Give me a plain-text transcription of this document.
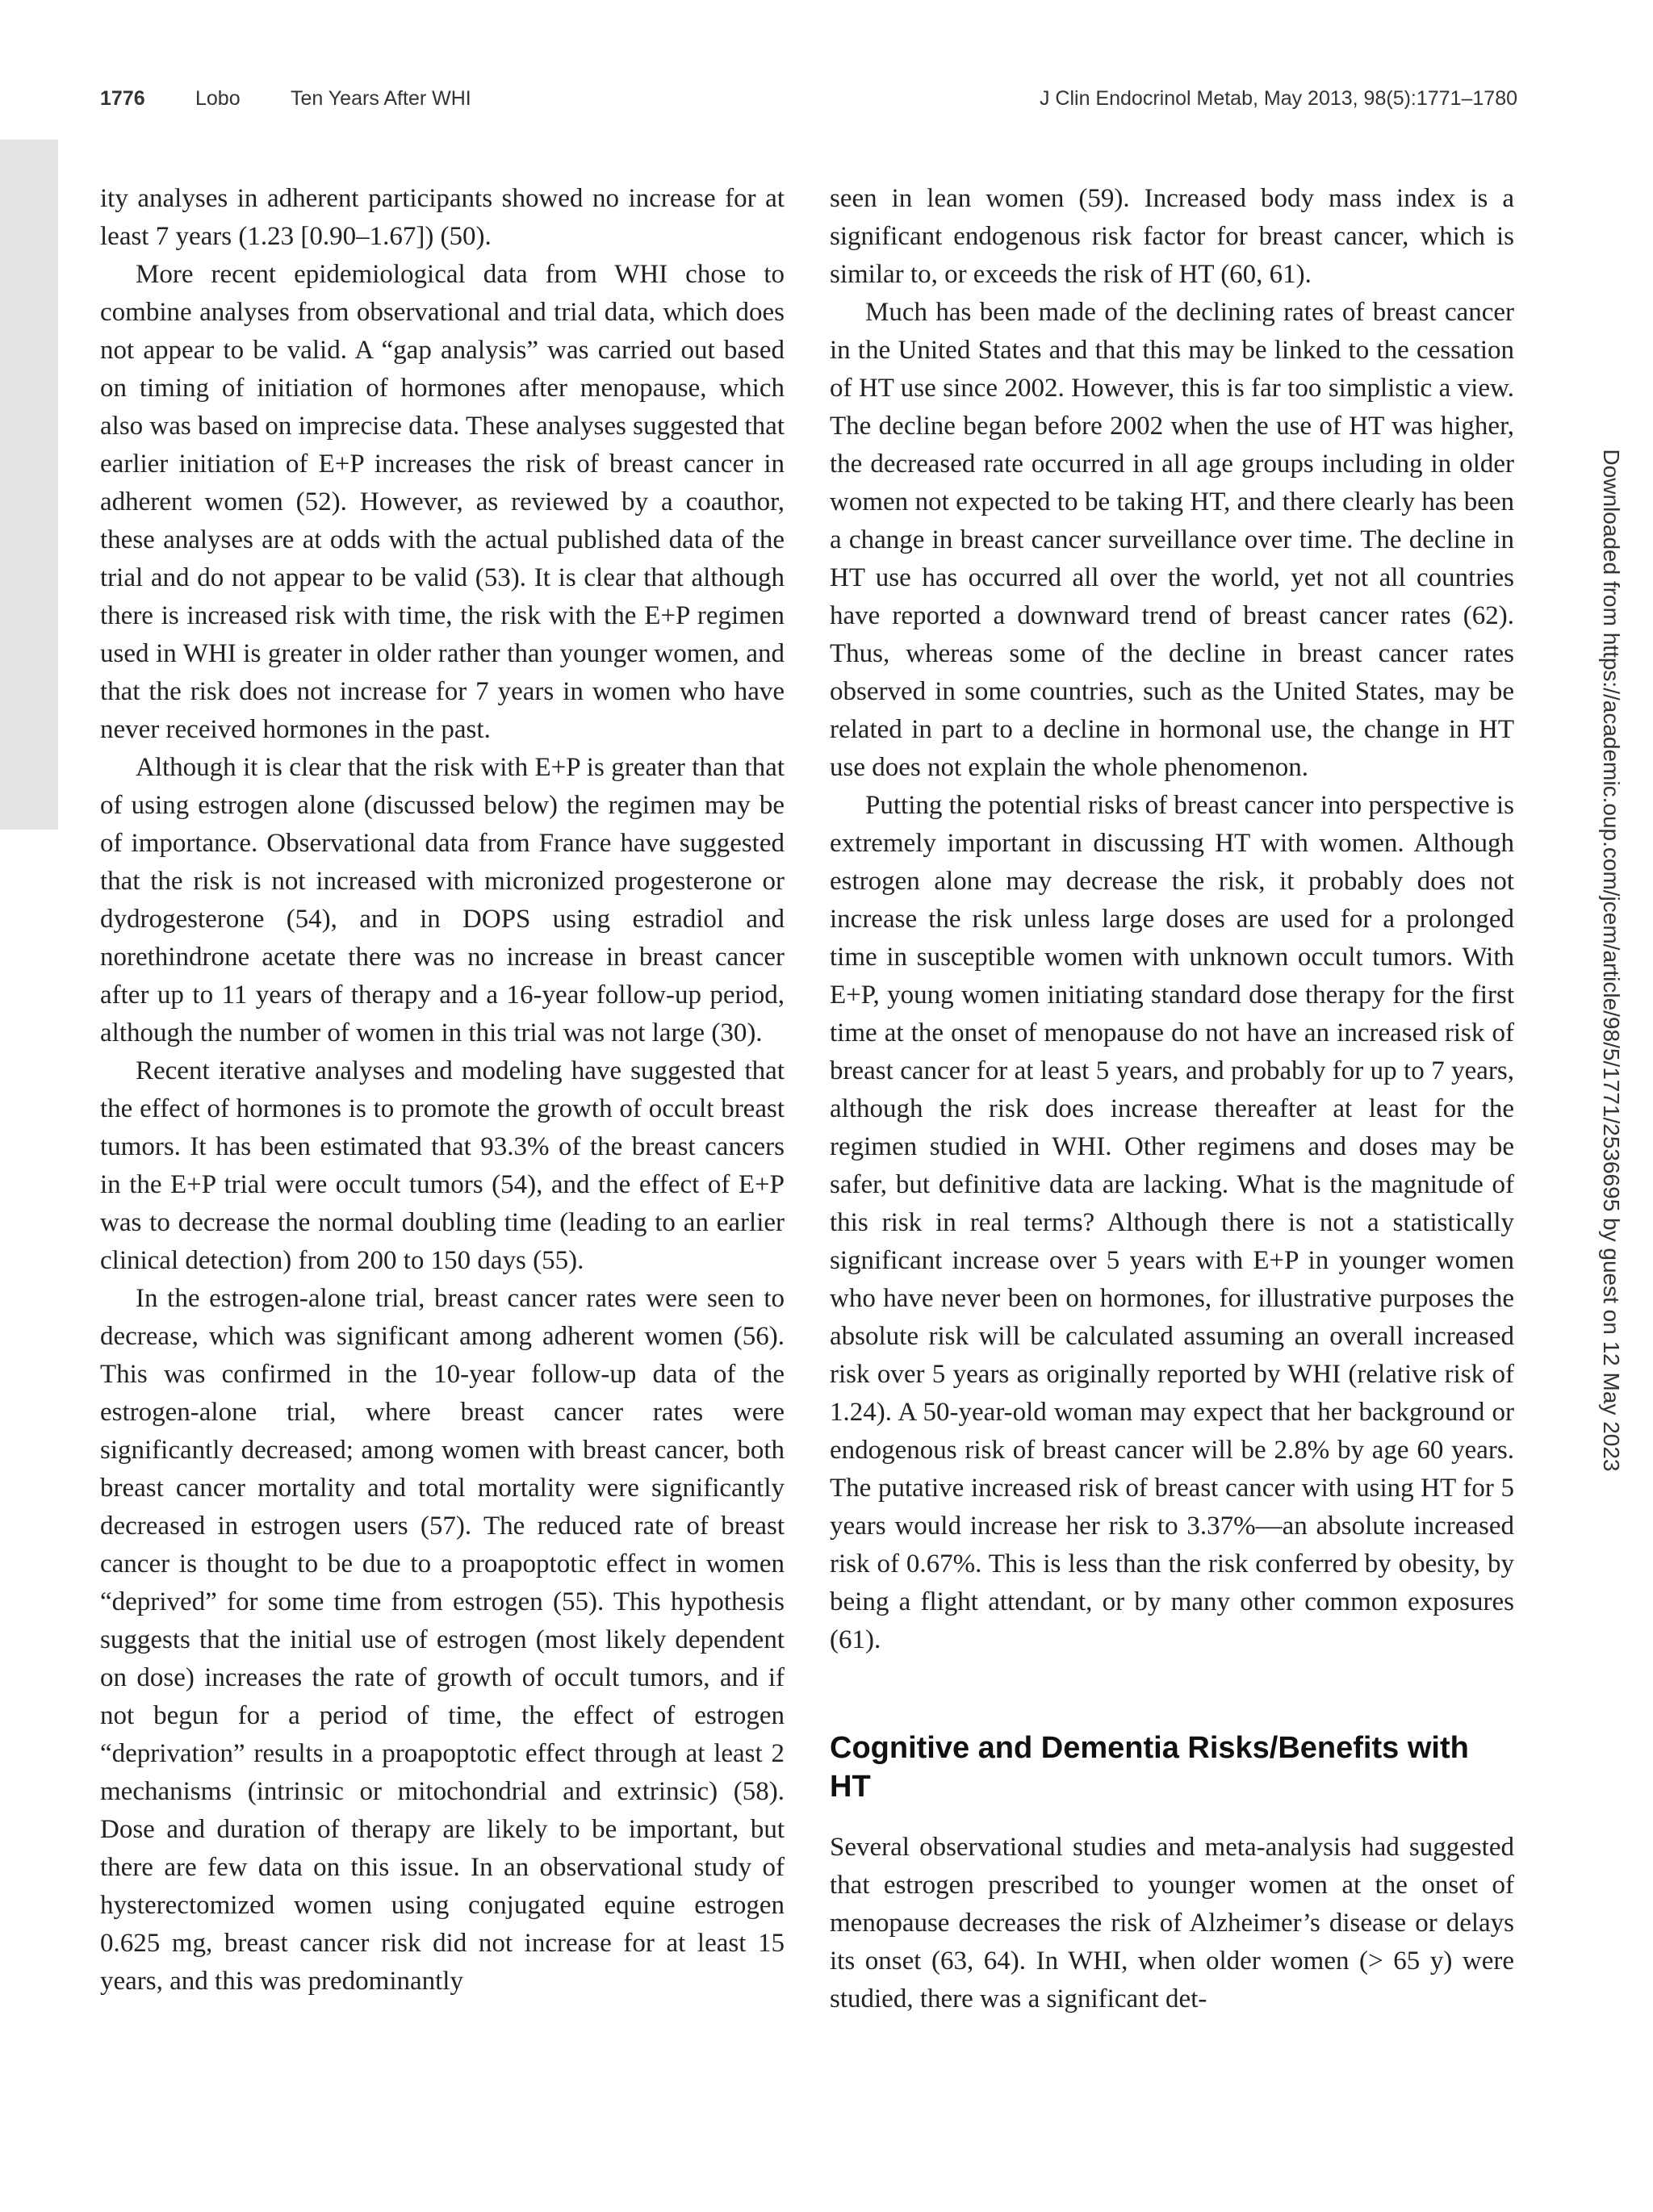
1776 Lobo Ten Years After WHI	J Clin Endocrinol Metab, May 2013, 98(5):1771–1780

ity analyses in adherent participants showed no increase for at least 7 years (1.23 [0.90–1.67]) (50).

More recent epidemiological data from WHI chose to combine analyses from observational and trial data, which does not appear to be valid. A “gap analysis” was carried out based on timing of initiation of hormones after menopause, which also was based on imprecise data. These analyses suggested that earlier initiation of E+P increases the risk of breast cancer in adherent women (52). However, as reviewed by a coauthor, these analyses are at odds with the actual published data of the trial and do not appear to be valid (53). It is clear that although there is increased risk with time, the risk with the E+P regimen used in WHI is greater in older rather than younger women, and that the risk does not increase for 7 years in women who have never received hormones in the past.

Although it is clear that the risk with E+P is greater than that of using estrogen alone (discussed below) the regimen may be of importance. Observational data from France have suggested that the risk is not increased with micronized progesterone or dydrogesterone (54), and in DOPS using estradiol and norethindrone acetate there was no increase in breast cancer after up to 11 years of therapy and a 16-year follow-up period, although the number of women in this trial was not large (30).

Recent iterative analyses and modeling have suggested that the effect of hormones is to promote the growth of occult breast tumors. It has been estimated that 93.3% of the breast cancers in the E+P trial were occult tumors (54), and the effect of E+P was to decrease the normal doubling time (leading to an earlier clinical detection) from 200 to 150 days (55).

In the estrogen-alone trial, breast cancer rates were seen to decrease, which was significant among adherent women (56). This was confirmed in the 10-year follow-up data of the estrogen-alone trial, where breast cancer rates were significantly decreased; among women with breast cancer, both breast cancer mortality and total mortality were significantly decreased in estrogen users (57). The reduced rate of breast cancer is thought to be due to a proapoptotic effect in women “deprived” for some time from estrogen (55). This hypothesis suggests that the initial use of estrogen (most likely dependent on dose) increases the rate of growth of occult tumors, and if not begun for a period of time, the effect of estrogen “deprivation” results in a proapoptotic effect through at least 2 mechanisms (intrinsic or mitochondrial and extrinsic) (58). Dose and duration of therapy are likely to be important, but there are few data on this issue. In an observational study of hysterectomized women using conjugated equine estrogen 0.625 mg, breast cancer risk did not increase for at least 15 years, and this was predominantly

seen in lean women (59). Increased body mass index is a significant endogenous risk factor for breast cancer, which is similar to, or exceeds the risk of HT (60, 61).

Much has been made of the declining rates of breast cancer in the United States and that this may be linked to the cessation of HT use since 2002. However, this is far too simplistic a view. The decline began before 2002 when the use of HT was higher, the decreased rate occurred in all age groups including in older women not expected to be taking HT, and there clearly has been a change in breast cancer surveillance over time. The decline in HT use has occurred all over the world, yet not all countries have reported a downward trend of breast cancer rates (62). Thus, whereas some of the decline in breast cancer rates observed in some countries, such as the United States, may be related in part to a decline in hormonal use, the change in HT use does not explain the whole phenomenon.

Putting the potential risks of breast cancer into perspective is extremely important in discussing HT with women. Although estrogen alone may decrease the risk, it probably does not increase the risk unless large doses are used for a prolonged time in susceptible women with unknown occult tumors. With E+P, young women initiating standard dose therapy for the first time at the onset of menopause do not have an increased risk of breast cancer for at least 5 years, and probably for up to 7 years, although the risk does increase thereafter at least for the regimen studied in WHI. Other regimens and doses may be safer, but definitive data are lacking. What is the magnitude of this risk in real terms? Although there is not a statistically significant increase over 5 years with E+P in younger women who have never been on hormones, for illustrative purposes the absolute risk will be calculated assuming an overall increased risk over 5 years as originally reported by WHI (relative risk of 1.24). A 50-year-old woman may expect that her background or endogenous risk of breast cancer will be 2.8% by age 60 years. The putative increased risk of breast cancer with using HT for 5 years would increase her risk to 3.37%—an absolute increased risk of 0.67%. This is less than the risk conferred by obesity, by being a flight attendant, or by many other common exposures (61).

Cognitive and Dementia Risks/Benefits with HT

Several observational studies and meta-analysis had suggested that estrogen prescribed to younger women at the onset of menopause decreases the risk of Alzheimer’s disease or delays its onset (63, 64). In WHI, when older women (> 65 y) were studied, there was a significant det-

Downloaded from https://academic.oup.com/jcem/article/98/5/1771/2536695 by guest on 12 May 2023
